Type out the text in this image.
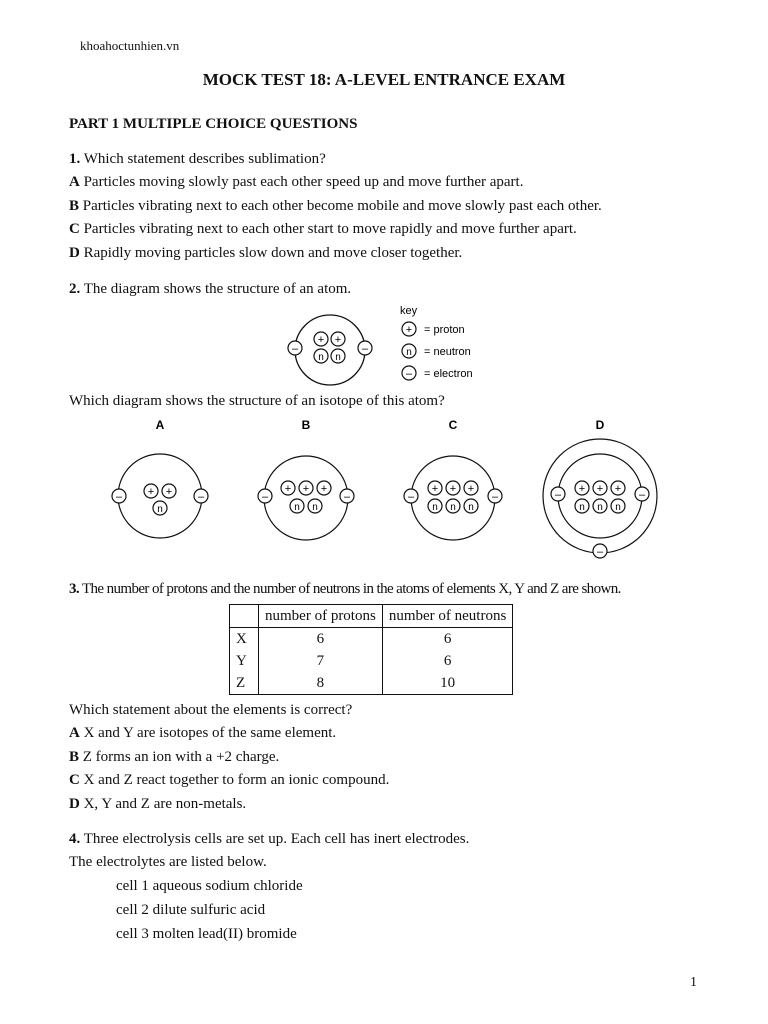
khoahoctunhien.vn
MOCK TEST 18: A-LEVEL ENTRANCE EXAM
PART 1 MULTIPLE CHOICE QUESTIONS
1. Which statement describes sublimation?
A Particles moving slowly past each other speed up and move further apart.
B Particles vibrating next to each other become mobile and move slowly past each other.
C Particles vibrating next to each other start to move rapidly and move further apart.
D Rapidly moving particles slow down and move closer together.
2. The diagram shows the structure of an atom.
–	–
+ +
n n
key
+ = proton
n = neutron
– = electron
Which diagram shows the structure of an isotope of this atom?
A	B	C	D
–	–
+ +
n
–	–
+ + +
n n
–	–
+ + +
n n n
–	–
–
+ + +
n n n
3. The number of protons and the number of neutrons in the atoms of elements X, Y and Z are shown.
	number of protons	number of neutrons
X	6	6
Y	7	6
Z	8	10
Which statement about the elements is correct?
A X and Y are isotopes of the same element.
B Z forms an ion with a +2 charge.
C X and Z react together to form an ionic compound.
D X, Y and Z are non-metals.
4. Three electrolysis cells are set up. Each cell has inert electrodes.
The electrolytes are listed below.
cell 1 aqueous sodium chloride
cell 2 dilute sulfuric acid
cell 3 molten lead(II) bromide
1
